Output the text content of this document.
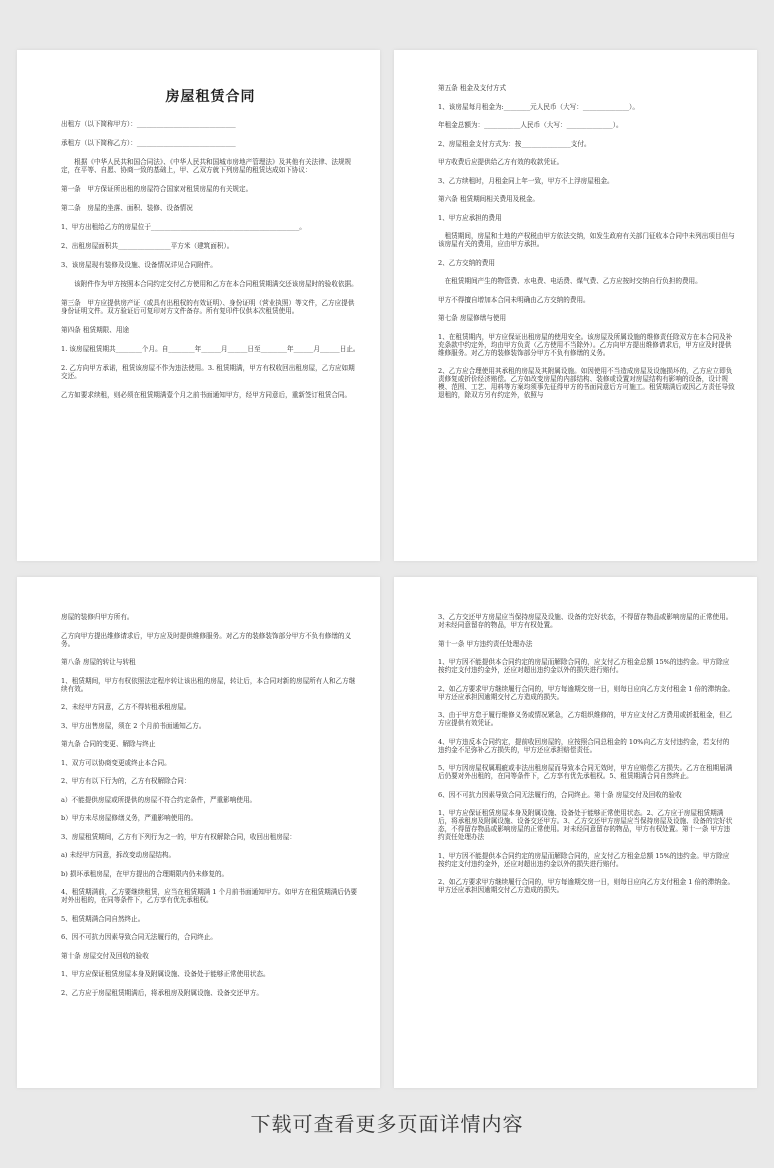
房屋租赁合同

出租方（以下简称甲方）：______________________________

承租方（以下简称乙方）：______________________________

　　根据《中华人民共和国合同法》、《中华人民共和国城市房地产管理法》及其他有关法律、法规规定，在平等、自愿、协商一致的基础上，甲、乙双方就下列房屋的租赁达成如下协议：

第一条　甲方保证所出租的房屋符合国家对租赁房屋的有关规定。

第二条　房屋的坐落、面积、装修、设备情况

1、甲方出租给乙方的房屋位于_____________________________________________。

2、出租房屋面积共________________平方米（建筑面积）。

3、该房屋现有装修及设施、设备情况详见合同附件。

　　该附件作为甲方按照本合同约定交付乙方使用和乙方在本合同租赁期满交还该房屋时的验收依据。

第三条　甲方应提供房产证（或具有出租权的有效证明）、身份证明（营业执照）等文件，乙方应提供身份证明文件。双方验证后可复印对方文件备存。所有复印件仅供本次租赁使用。

第四条 租赁期限、用途

1. 该房屋租赁期共________个月。自________年______月______日至________年______月______日止。

2. 乙方向甲方承诺，租赁该房屋不作为违法使用。3. 租赁期满，甲方有权收回出租房屋，乙方应如期交还。

乙方如要求续租，则必须在租赁期满壹个月之前书面通知甲方，经甲方同意后，重新签订租赁合同。

第五条 租金及支付方式

1、该房屋每月租金为:________元人民币（大写：______________）。

年租金总额为：___________人民币（大写：______________）。

2、房屋租金支付方式为：按_______________支付。

甲方收费后应提供给乙方有效的收款凭证。

3、乙方续租时，月租金同上年一致，甲方不上浮房屋租金。

第六条 租赁期间相关费用及税金。

1、甲方应承担的费用

　租赁期间，房屋和土地的产权税由甲方依法交纳，如发生政府有关部门征收本合同中未列出项目但与该房屋有关的费用，应由甲方承担。

2、乙方交纳的费用

　在租赁期间产生的物管费、水电费、电话费、煤气费、乙方应按时交纳自行负担的费用。

甲方不得擅自增加本合同未明确由乙方交纳的费用。

第七条 房屋修缮与使用

1、在租赁期内，甲方应保证出租房屋的使用安全。该房屋及所属设施的维修责任除双方在本合同及补充条款中约定外，均由甲方负责（乙方使用不当除外）。乙方向甲方提出维修请求后，甲方应及时提供维修服务。对乙方的装修装饰部分甲方不负有修缮的义务。

2、乙方应合理使用其承租的房屋及其附属设施。如因使用不当造成房屋及设施损坏的，乙方应立即负责修复或折价经济赔偿。乙方如改变房屋的内部结构、装修或设置对房屋结构有影响的设备，设计规模、范围、工艺、用料等方案均须事先征得甲方的书面同意后方可施工。租赁期满后或因乙方责任导致退租的，除双方另有约定外，依照与

房屋的装修归甲方所有。

乙方向甲方提出维修请求后，甲方应及时提供维修服务。对乙方的装修装饰部分甲方不负有修缮的义务。

第八条 房屋的转让与转租

1、租赁期间，甲方有权依照法定程序转让该出租的房屋，转让后，本合同对新的房屋所有人和乙方继续有效。

2、未经甲方同意，乙方不得转租承租房屋。

3、甲方出售房屋，须在 2 个月前书面通知乙方。

第九条 合同的变更、解除与终止

1、双方可以协商变更或终止本合同。

2、甲方有以下行为的，乙方有权解除合同：

a）不能提供房屋或所提供的房屋不符合约定条件，严重影响使用。

b）甲方未尽房屋修缮义务，严重影响使用的。

3、房屋租赁期间，乙方有下列行为之一的，甲方有权解除合同，收回出租房屋：

a) 未经甲方同意，拆改变动房屋结构。

b) 损坏承租房屋，在甲方提出的合理期限内仍未修复的。

4、租赁期满前，乙方要继续租赁，应当在租赁期满 1 个月前书面通知甲方。如甲方在租赁期满后仍要对外出租的，在同等条件下，乙方享有优先承租权。

5、租赁期满合同自然终止。

6、因不可抗力因素导致合同无法履行的，合同终止。

第十条 房屋交付及回收的验收

1、甲方应保证租赁房屋本身及附属设施、设备处于能够正常使用状态。

2、乙方应于房屋租赁期满后，将承租房及附属设施、设备交还甲方。

3、乙方交还甲方房屋应当保持房屋及设施、设备的完好状态，不得留存物品或影响房屋的正常使用。对未经同意留存的物品，甲方有权处置。

第十一条 甲方违约责任处理办法

1、甲方因不能提供本合同约定的房屋而解除合同的，应支付乙方租金总额 15%的违约金。甲方除应按约定支付违约金外，还应对超出违约金以外的损失进行赔付。

2、如乙方要求甲方继续履行合同的，甲方每逾期交房一日，则每日应向乙方支付租金 1 倍的滞纳金。甲方还应承担因逾期交付乙方造成的损失。

3、由于甲方怠于履行维修义务或情况紧急，乙方组织维修的，甲方应支付乙方费用或折抵租金，但乙方应提供有效凭证。

4、甲方违反本合同约定，提前收回房屋的，应按照合同总租金的 10%向乙方支付违约金，若支付的违约金不足弥补乙方损失的，甲方还应承担赔偿责任。

5、甲方因房屋权属瑕疵或非法出租房屋而导致本合同无效时，甲方应赔偿乙方损失。乙方在租期届满后仍要对外出租的，在同等条件下，乙方享有优先承租权。5、租赁期满合同自然终止。

6、因不可抗力因素导致合同无法履行的，合同终止。第十条 房屋交付及回收的验收

1、甲方应保证租赁房屋本身及附属设施、设备处于能够正常使用状态。2、乙方应于房屋租赁期满后，将承租房及附属设施、设备交还甲方。3、乙方交还甲方房屋应当保持房屋及设施、设备的完好状态，不得留存物品或影响房屋的正常使用。对未经同意留存的物品，甲方有权处置。第十一条 甲方违约责任处理办法

1、甲方因不能提供本合同约定的房屋而解除合同的，应支付乙方租金总额 15%的违约金。甲方除应按约定支付违约金外，还应对超出违约金以外的损失进行赔付。

2、如乙方要求甲方继续履行合同的，甲方每逾期交房一日，则每日应向乙方支付租金 1 倍的滞纳金。甲方还应承担因逾期交付乙方造成的损失。

下载可查看更多页面详情内容
